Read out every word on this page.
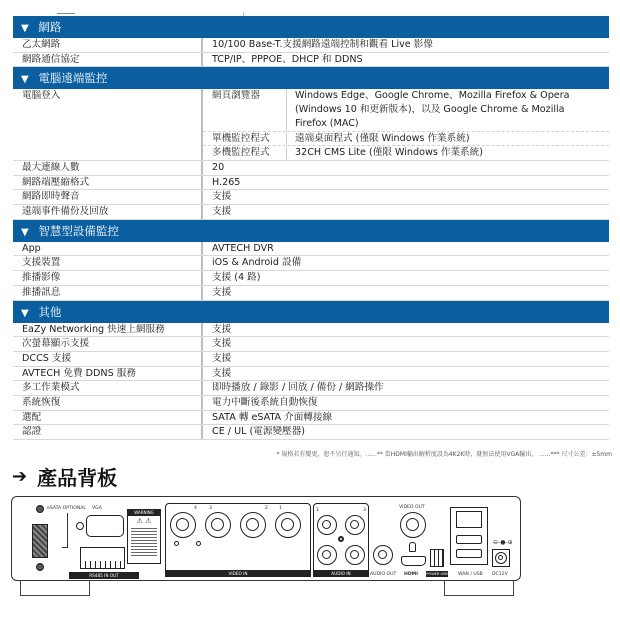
▼ 網路
乙太網路	10/100 Base-T.支援網路遠端控制和觀看 Live 影像
網路通信協定	TCP/IP、PPPOE、DHCP 和 DDNS
▼ 電腦遠端監控
電腦登入	網頁瀏覽器	Windows Edge、Google Chrome、Mozilla Firefox & Opera (Windows 10 和更新版本)，以及 Google Chrome & Mozilla Firefox (MAC)
單機監控程式	遠端桌面程式 (僅限 Windows 作業系統)
多機監控程式	32CH CMS Lite (僅限 Windows 作業系統)
最大連線人數	20
網路端壓縮格式	H.265
網路即時聲音	支援
遠端事件備份及回放	支援
▼ 智慧型設備監控
App	AVTECH DVR
支援裝置	iOS & Android 設備
推播影像	支援 (4 路)
推播訊息	支援
▼ 其他
EaZy Networking 快速上網服務	支援
次螢幕顯示支援	支援
DCCS 支援	支援
AVTECH 免費 DDNS 服務	支援
多工作業模式	即時播放 / 錄影 / 回放 / 備份 / 網路操作
系統恢復	電力中斷後系統自動恢復
選配	SATA 轉 eSATA 介面轉接線
認證	CE / UL (電源變壓器)
* 規格若有變更，恕不另行通知。......** 當HDMI輸出解析度設為4K2K時，就無法使用VGA輸出。 ......*** 尺寸公差：±5mm
➔ 產品背板
eSATA OPTIONAL VGA
RS485 IN OUT
WARNING
⚠ ⚠
4	3	2 1
VIDEO IN
1	3
AUDIO IN	AUDIO OUT
VIDEO OUT
HDMI POWER USB WAN / USB
⊖-●-⊕
DC12V
